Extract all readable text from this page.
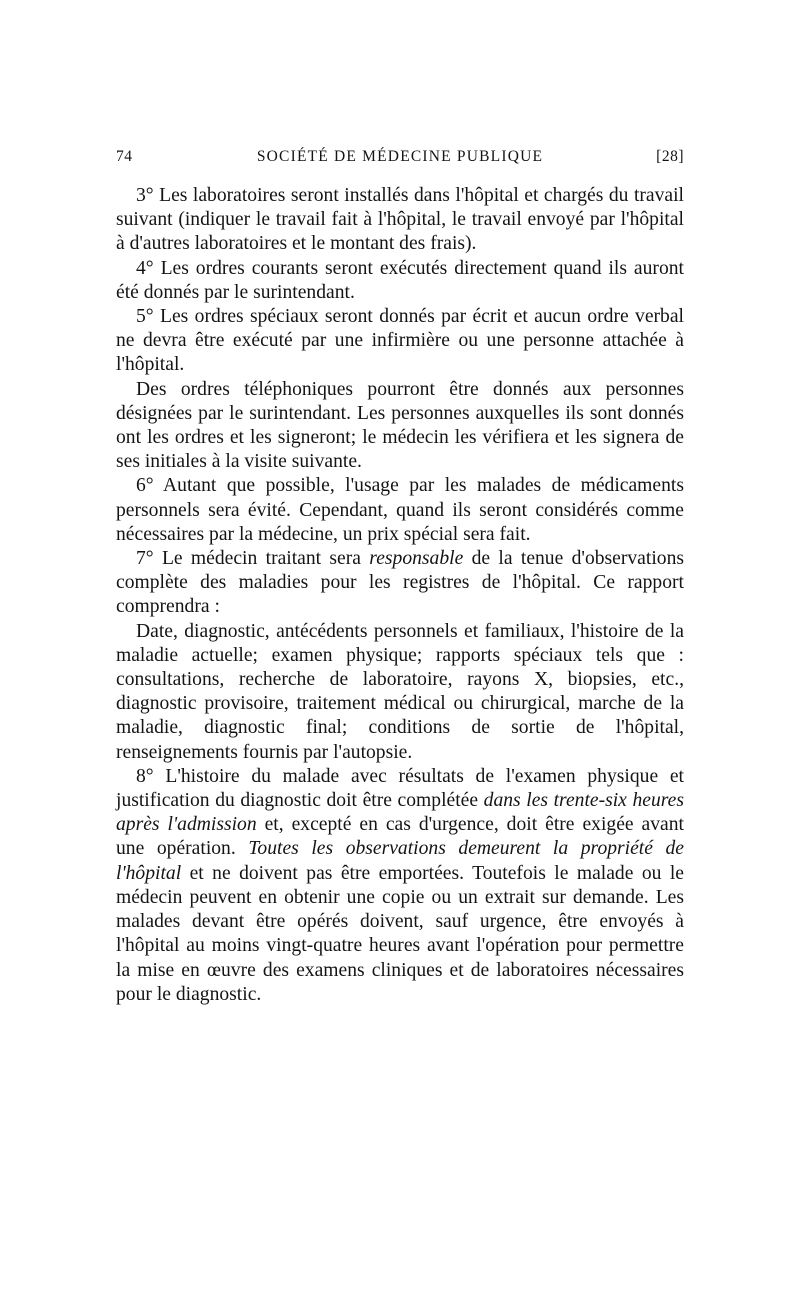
74	SOCIÉTÉ DE MÉDECINE PUBLIQUE	[28]

3° Les laboratoires seront installés dans l'hôpital et chargés du travail suivant (indiquer le travail fait à l'hôpital, le travail envoyé par l'hôpital à d'autres laboratoires et le montant des frais).

4° Les ordres courants seront exécutés directement quand ils auront été donnés par le surintendant.

5° Les ordres spéciaux seront donnés par écrit et aucun ordre verbal ne devra être exécuté par une infirmière ou une personne attachée à l'hôpital.

Des ordres téléphoniques pourront être donnés aux personnes désignées par le surintendant. Les personnes auxquelles ils sont donnés ont les ordres et les signeront; le médecin les vérifiera et les signera de ses initiales à la visite suivante.

6° Autant que possible, l'usage par les malades de médicaments personnels sera évité. Cependant, quand ils seront considérés comme nécessaires par la médecine, un prix spécial sera fait.

7° Le médecin traitant sera responsable de la tenue d'observations complète des maladies pour les registres de l'hôpital. Ce rapport comprendra :

Date, diagnostic, antécédents personnels et familiaux, l'histoire de la maladie actuelle; examen physique; rapports spéciaux tels que : consultations, recherche de laboratoire, rayons X, biopsies, etc., diagnostic provisoire, traitement médical ou chirurgical, marche de la maladie, diagnostic final; conditions de sortie de l'hôpital, renseignements fournis par l'autopsie.

8° L'histoire du malade avec résultats de l'examen physique et justification du diagnostic doit être complétée dans les trente-six heures après l'admission et, excepté en cas d'urgence, doit être exigée avant une opération. Toutes les observations demeurent la propriété de l'hôpital et ne doivent pas être emportées. Toutefois le malade ou le médecin peuvent en obtenir une copie ou un extrait sur demande. Les malades devant être opérés doivent, sauf urgence, être envoyés à l'hôpital au moins vingt-quatre heures avant l'opération pour permettre la mise en œuvre des examens cliniques et de laboratoires nécessaires pour le diagnostic.
